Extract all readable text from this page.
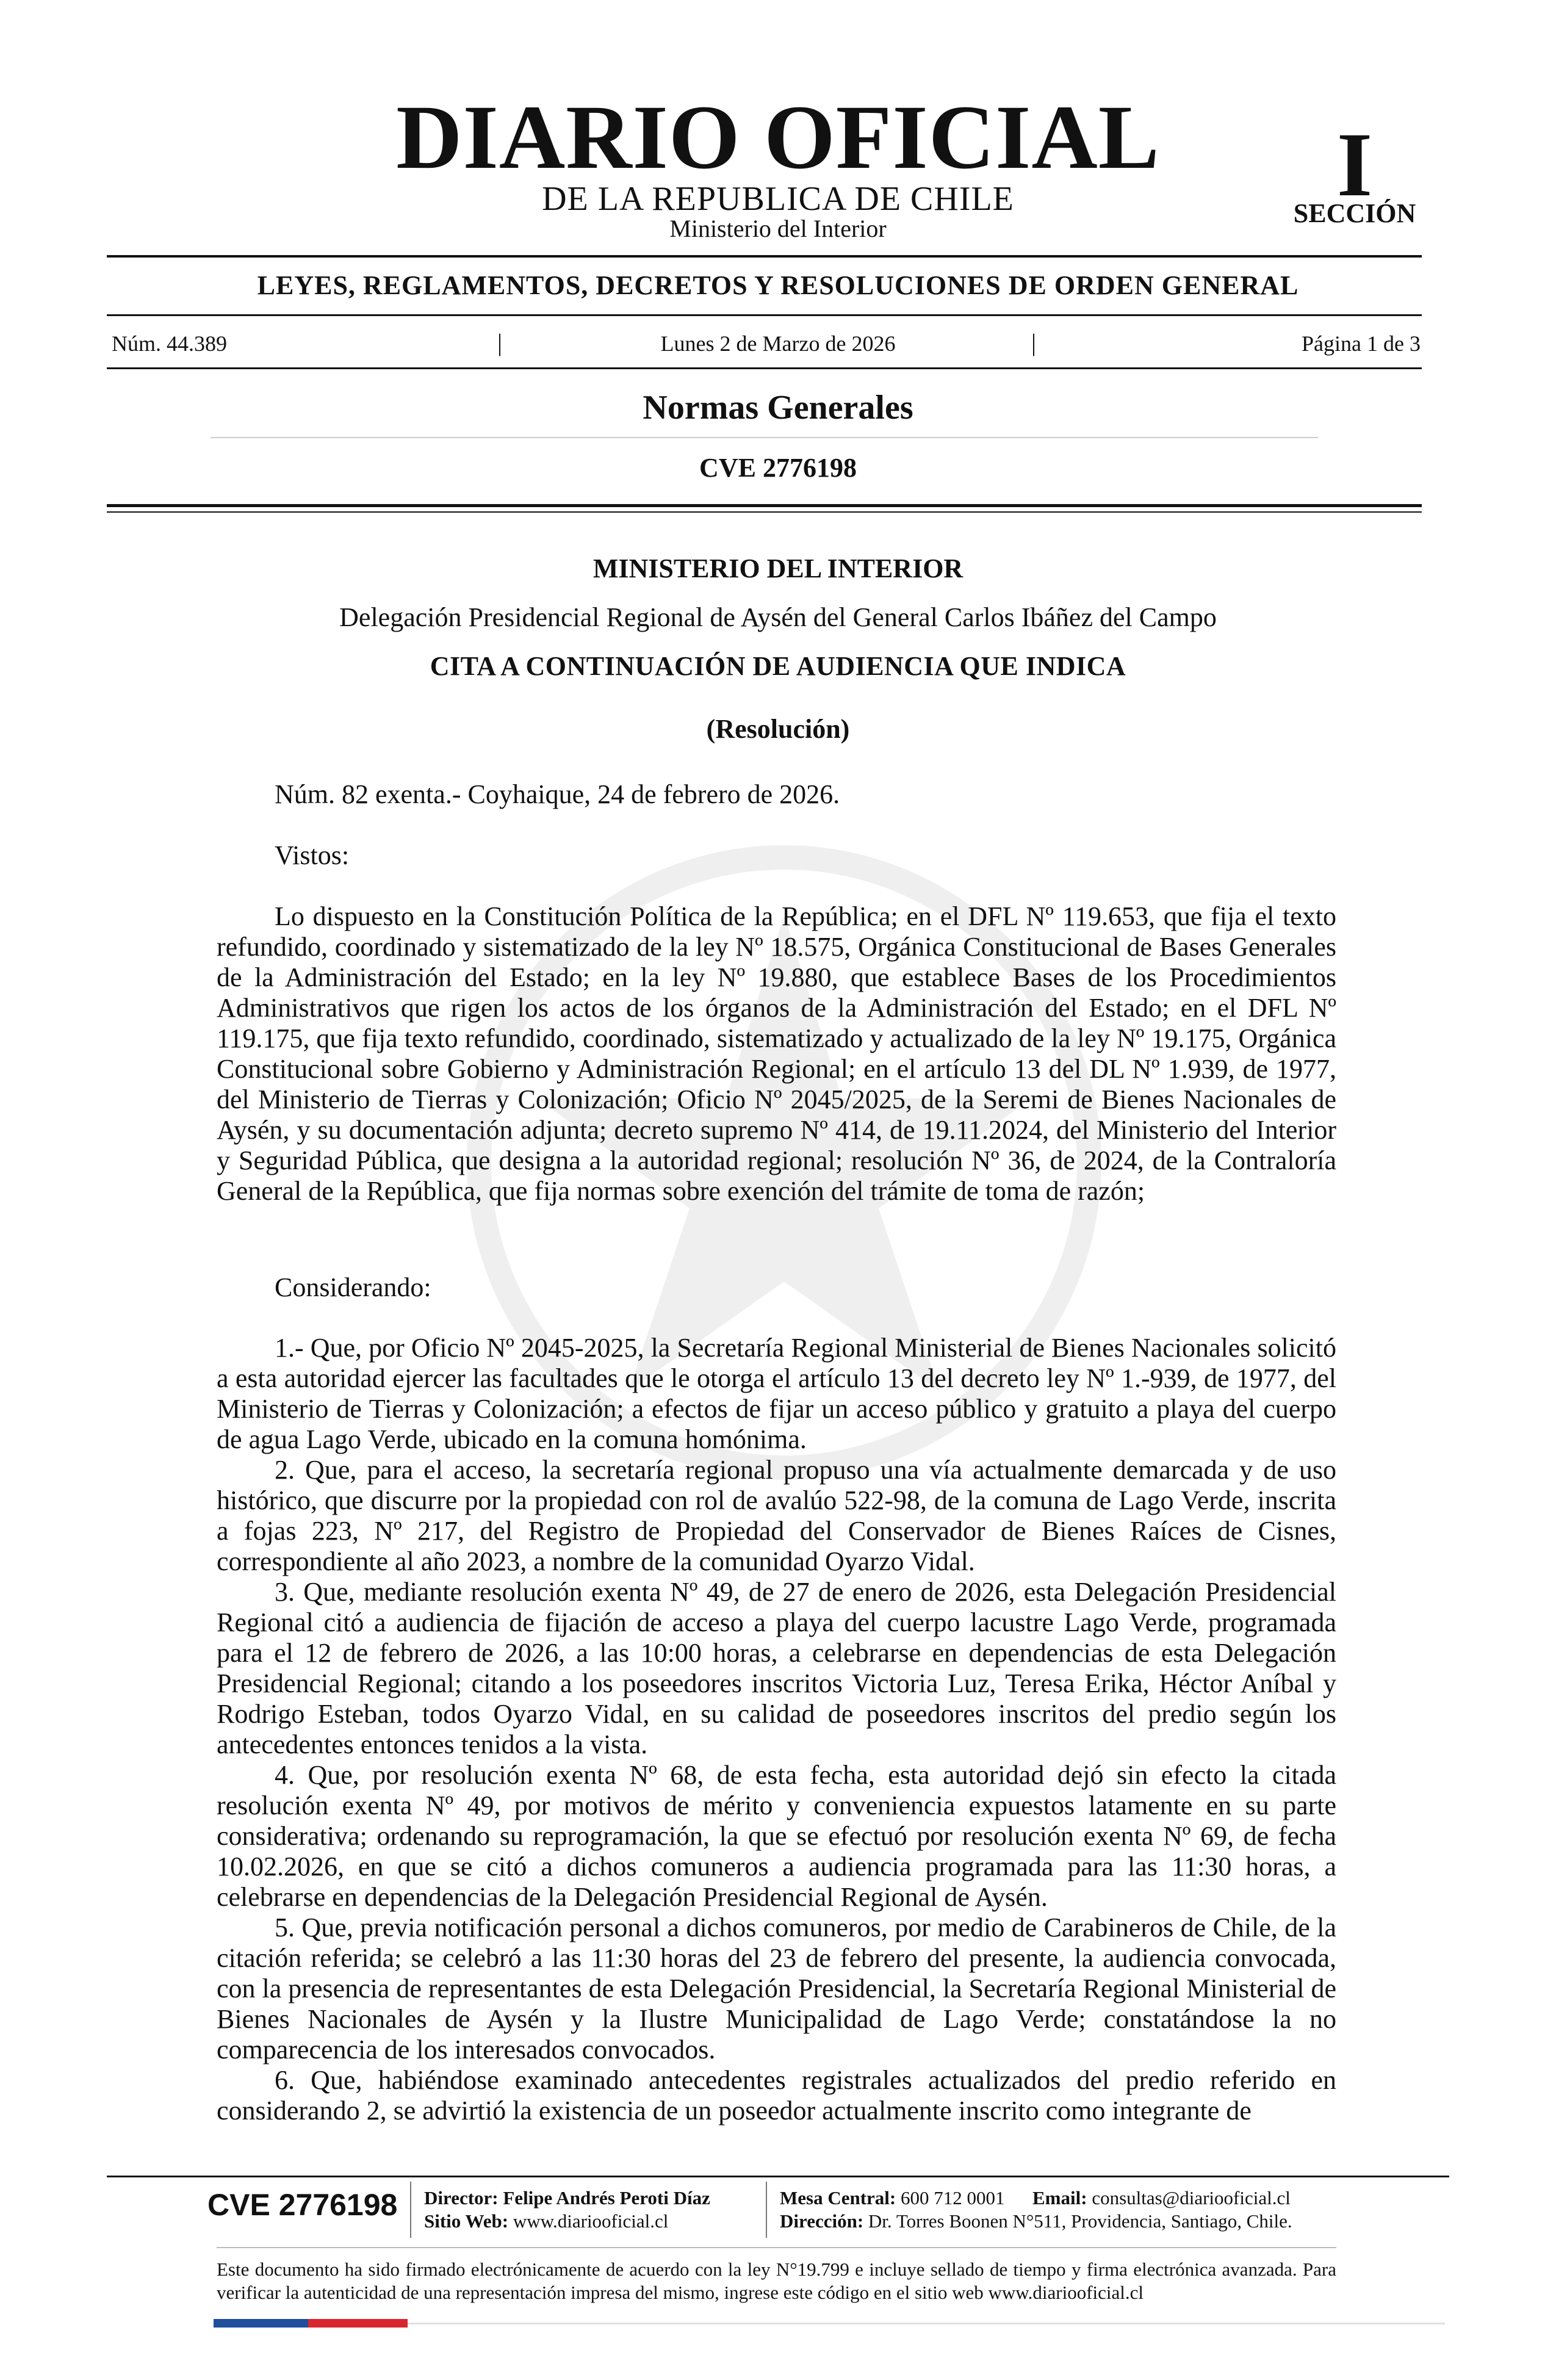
DIARIO OFICIAL
DE LA REPUBLICA DE CHILE
Ministerio del Interior
I
SECCIÓN
LEYES, REGLAMENTOS, DECRETOS Y RESOLUCIONES DE ORDEN GENERAL
Núm. 44.389	|	Lunes 2 de Marzo de 2026	|	Página 1 de 3
Normas Generales
CVE 2776198
MINISTERIO DEL INTERIOR
Delegación Presidencial Regional de Aysén del General Carlos Ibáñez del Campo
CITA A CONTINUACIÓN DE AUDIENCIA QUE INDICA
(Resolución)
Núm. 82 exenta.- Coyhaique, 24 de febrero de 2026.
Vistos:
Lo dispuesto en la Constitución Política de la República; en el DFL Nº 119.653, que fija el texto refundido, coordinado y sistematizado de la ley Nº 18.575, Orgánica Constitucional de Bases Generales de la Administración del Estado; en la ley Nº 19.880, que establece Bases de los Procedimientos Administrativos que rigen los actos de los órganos de la Administración del Estado; en el DFL Nº 119.175, que fija texto refundido, coordinado, sistematizado y actualizado de la ley Nº 19.175, Orgánica Constitucional sobre Gobierno y Administración Regional; en el artículo 13 del DL Nº 1.939, de 1977, del Ministerio de Tierras y Colonización; Oficio Nº 2045/2025, de la Seremi de Bienes Nacionales de Aysén, y su documentación adjunta; decreto supremo Nº 414, de 19.11.2024, del Ministerio del Interior y Seguridad Pública, que designa a la autoridad regional; resolución Nº 36, de 2024, de la Contraloría General de la República, que fija normas sobre exención del trámite de toma de razón;
Considerando:
1.- Que, por Oficio Nº 2045-2025, la Secretaría Regional Ministerial de Bienes Nacionales solicitó a esta autoridad ejercer las facultades que le otorga el artículo 13 del decreto ley Nº 1.-939, de 1977, del Ministerio de Tierras y Colonización; a efectos de fijar un acceso público y gratuito a playa del cuerpo de agua Lago Verde, ubicado en la comuna homónima.
2. Que, para el acceso, la secretaría regional propuso una vía actualmente demarcada y de uso histórico, que discurre por la propiedad con rol de avalúo 522-98, de la comuna de Lago Verde, inscrita a fojas 223, Nº 217, del Registro de Propiedad del Conservador de Bienes Raíces de Cisnes, correspondiente al año 2023, a nombre de la comunidad Oyarzo Vidal.
3. Que, mediante resolución exenta Nº 49, de 27 de enero de 2026, esta Delegación Presidencial Regional citó a audiencia de fijación de acceso a playa del cuerpo lacustre Lago Verde, programada para el 12 de febrero de 2026, a las 10:00 horas, a celebrarse en dependencias de esta Delegación Presidencial Regional; citando a los poseedores inscritos Victoria Luz, Teresa Erika, Héctor Aníbal y Rodrigo Esteban, todos Oyarzo Vidal, en su calidad de poseedores inscritos del predio según los antecedentes entonces tenidos a la vista.
4. Que, por resolución exenta Nº 68, de esta fecha, esta autoridad dejó sin efecto la citada resolución exenta Nº 49, por motivos de mérito y conveniencia expuestos latamente en su parte considerativa; ordenando su reprogramación, la que se efectuó por resolución exenta Nº 69, de fecha 10.02.2026, en que se citó a dichos comuneros a audiencia programada para las 11:30 horas, a celebrarse en dependencias de la Delegación Presidencial Regional de Aysén.
5. Que, previa notificación personal a dichos comuneros, por medio de Carabineros de Chile, de la citación referida; se celebró a las 11:30 horas del 23 de febrero del presente, la audiencia convocada, con la presencia de representantes de esta Delegación Presidencial, la Secretaría Regional Ministerial de Bienes Nacionales de Aysén y la Ilustre Municipalidad de Lago Verde; constatándose la no comparecencia de los interesados convocados.
6. Que, habiéndose examinado antecedentes registrales actualizados del predio referido en considerando 2, se advirtió la existencia de un poseedor actualmente inscrito como integrante de
CVE 2776198 Director: Felipe Andrés Peroti Díaz
Sitio Web: www.diariooficial.cl
Mesa Central: 600 712 0001 Email: consultas@diariooficial.cl
Dirección: Dr. Torres Boonen N°511, Providencia, Santiago, Chile.
Este documento ha sido firmado electrónicamente de acuerdo con la ley N°19.799 e incluye sellado de tiempo y firma electrónica avanzada. Para verificar la autenticidad de una representación impresa del mismo, ingrese este código en el sitio web www.diariooficial.cl
